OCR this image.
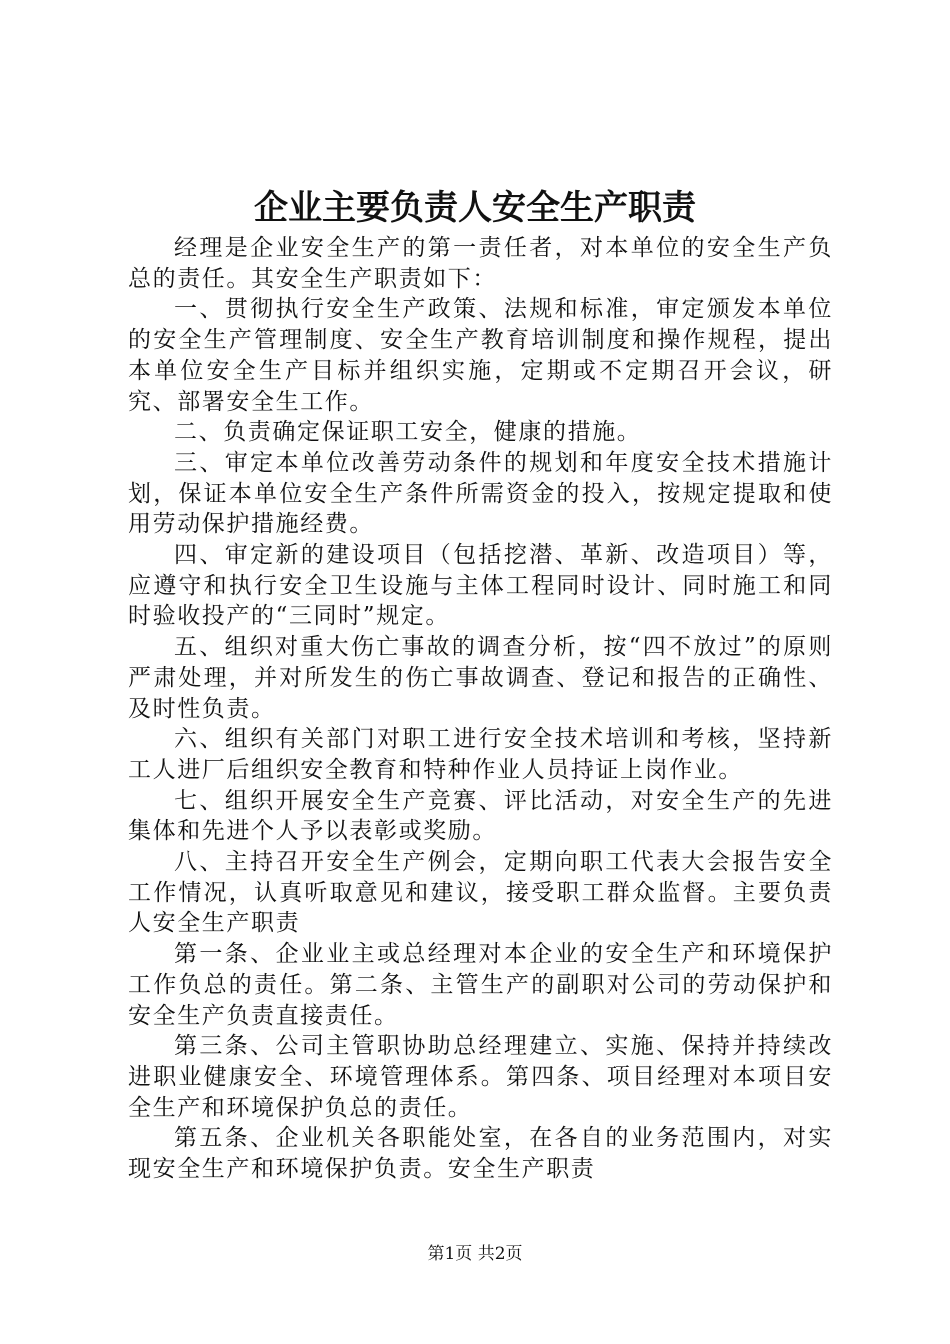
企业主要负责人安全生产职责

经理是企业安全生产的第一责任者，对本单位的安全生产负总的责任。其安全生产职责如下：

一、贯彻执行安全生产政策、法规和标准，审定颁发本单位的安全生产管理制度、安全生产教育培训制度和操作规程，提出本单位安全生产目标并组织实施，定期或不定期召开会议，研究、部署安全生工作。

二、负责确定保证职工安全，健康的措施。

三、审定本单位改善劳动条件的规划和年度安全技术措施计划，保证本单位安全生产条件所需资金的投入，按规定提取和使用劳动保护措施经费。

四、审定新的建设项目（包括挖潜、革新、改造项目）等，应遵守和执行安全卫生设施与主体工程同时设计、同时施工和同时验收投产的“三同时”规定。

五、组织对重大伤亡事故的调查分析，按“四不放过”的原则严肃处理，并对所发生的伤亡事故调查、登记和报告的正确性、及时性负责。

六、组织有关部门对职工进行安全技术培训和考核，坚持新工人进厂后组织安全教育和特种作业人员持证上岗作业。

七、组织开展安全生产竞赛、评比活动，对安全生产的先进集体和先进个人予以表彰或奖励。

八、主持召开安全生产例会，定期向职工代表大会报告安全工作情况，认真听取意见和建议，接受职工群众监督。主要负责人安全生产职责

第一条、企业业主或总经理对本企业的安全生产和环境保护工作负总的责任。第二条、主管生产的副职对公司的劳动保护和安全生产负责直接责任。

第三条、公司主管职协助总经理建立、实施、保持并持续改进职业健康安全、环境管理体系。第四条、项目经理对本项目安全生产和环境保护负总的责任。

第五条、企业机关各职能处室，在各自的业务范围内，对实现安全生产和环境保护负责。安全生产职责

第1页 共2页
